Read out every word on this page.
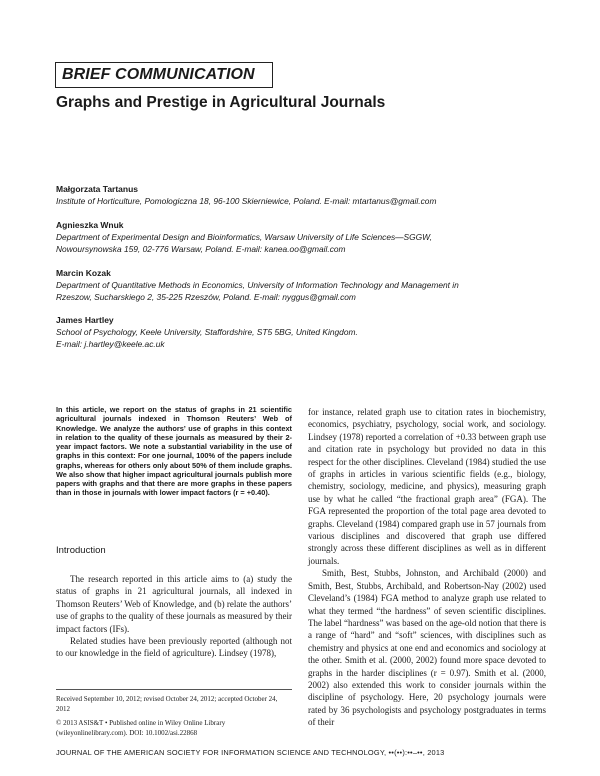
BRIEF COMMUNICATION
Graphs and Prestige in Agricultural Journals

Małgorzata Tartanus

Institute of Horticulture, Pomologiczna 18, 96-100 Skierniewice, Poland. E-mail: mtartanus@gmail.com

Agnieszka Wnuk

Department of Experimental Design and Bioinformatics, Warsaw University of Life Sciences—SGGW,

Nowoursynowska 159, 02-776 Warsaw, Poland. E-mail: kanea.oo@gmail.com

Marcin Kozak

Department of Quantitative Methods in Economics, University of Information Technology and Management in

Rzeszow, Sucharskiego 2, 35-225 Rzeszów, Poland. E-mail: nyggus@gmail.com

James Hartley

School of Psychology, Keele University, Staffordshire, ST5 5BG, United Kingdom.

E-mail: j.hartley@keele.ac.uk

In this article, we report on the status of graphs in 21 scientific agricultural journals indexed in Thomson Reuters’ Web of Knowledge. We analyze the authors’ use of graphs in this context in relation to the quality of these journals as measured by their 2-year impact factors. We note a substantial variability in the use of graphs in this context: For one journal, 100% of the papers include graphs, whereas for others only about 50% of them include graphs. We also show that higher impact agricultural journals publish more papers with graphs and that there are more graphs in these papers than in those in journals with lower impact factors (r = +0.40).

Introduction

The research reported in this article aims to (a) study the status of graphs in 21 agricultural journals, all indexed in Thomson Reuters’ Web of Knowledge, and (b) relate the authors’ use of graphs to the quality of these journals as measured by their impact factors (IFs).

Related studies have been previously reported (although not to our knowledge in the field of agriculture). Lindsey (1978),

Received September 10, 2012; revised October 24, 2012; accepted October 24, 2012

© 2013 ASIS&T • Published online in Wiley Online Library (wileyonlinelibrary.com). DOI: 10.1002/asi.22868

for instance, related graph use to citation rates in biochemistry, economics, psychiatry, psychology, social work, and sociology. Lindsey (1978) reported a correlation of +0.33 between graph use and citation rate in psychology but provided no data in this respect for the other disciplines. Cleveland (1984) studied the use of graphs in articles in various scientific fields (e.g., biology, chemistry, sociology, medicine, and physics), measuring graph use by what he called “the fractional graph area” (FGA). The FGA represented the proportion of the total page area devoted to graphs. Cleveland (1984) compared graph use in 57 journals from various disciplines and discovered that graph use differed strongly across these different disciplines as well as in different journals.

Smith, Best, Stubbs, Johnston, and Archibald (2000) and Smith, Best, Stubbs, Archibald, and Robertson-Nay (2002) used Cleveland’s (1984) FGA method to analyze graph use related to what they termed “the hardness” of seven scientific disciplines. The label “hardness” was based on the age-old notion that there is a range of “hard” and “soft” sciences, with disciplines such as chemistry and physics at one end and economics and sociology at the other. Smith et al. (2000, 2002) found more space devoted to graphs in the harder disciplines (r = 0.97). Smith et al. (2000, 2002) also extended this work to consider journals within the discipline of psychology. Here, 20 psychology journals were rated by 36 psychologists and psychology postgraduates in terms of their

JOURNAL OF THE AMERICAN SOCIETY FOR INFORMATION SCIENCE AND TECHNOLOGY, ••(••):••–••, 2013
